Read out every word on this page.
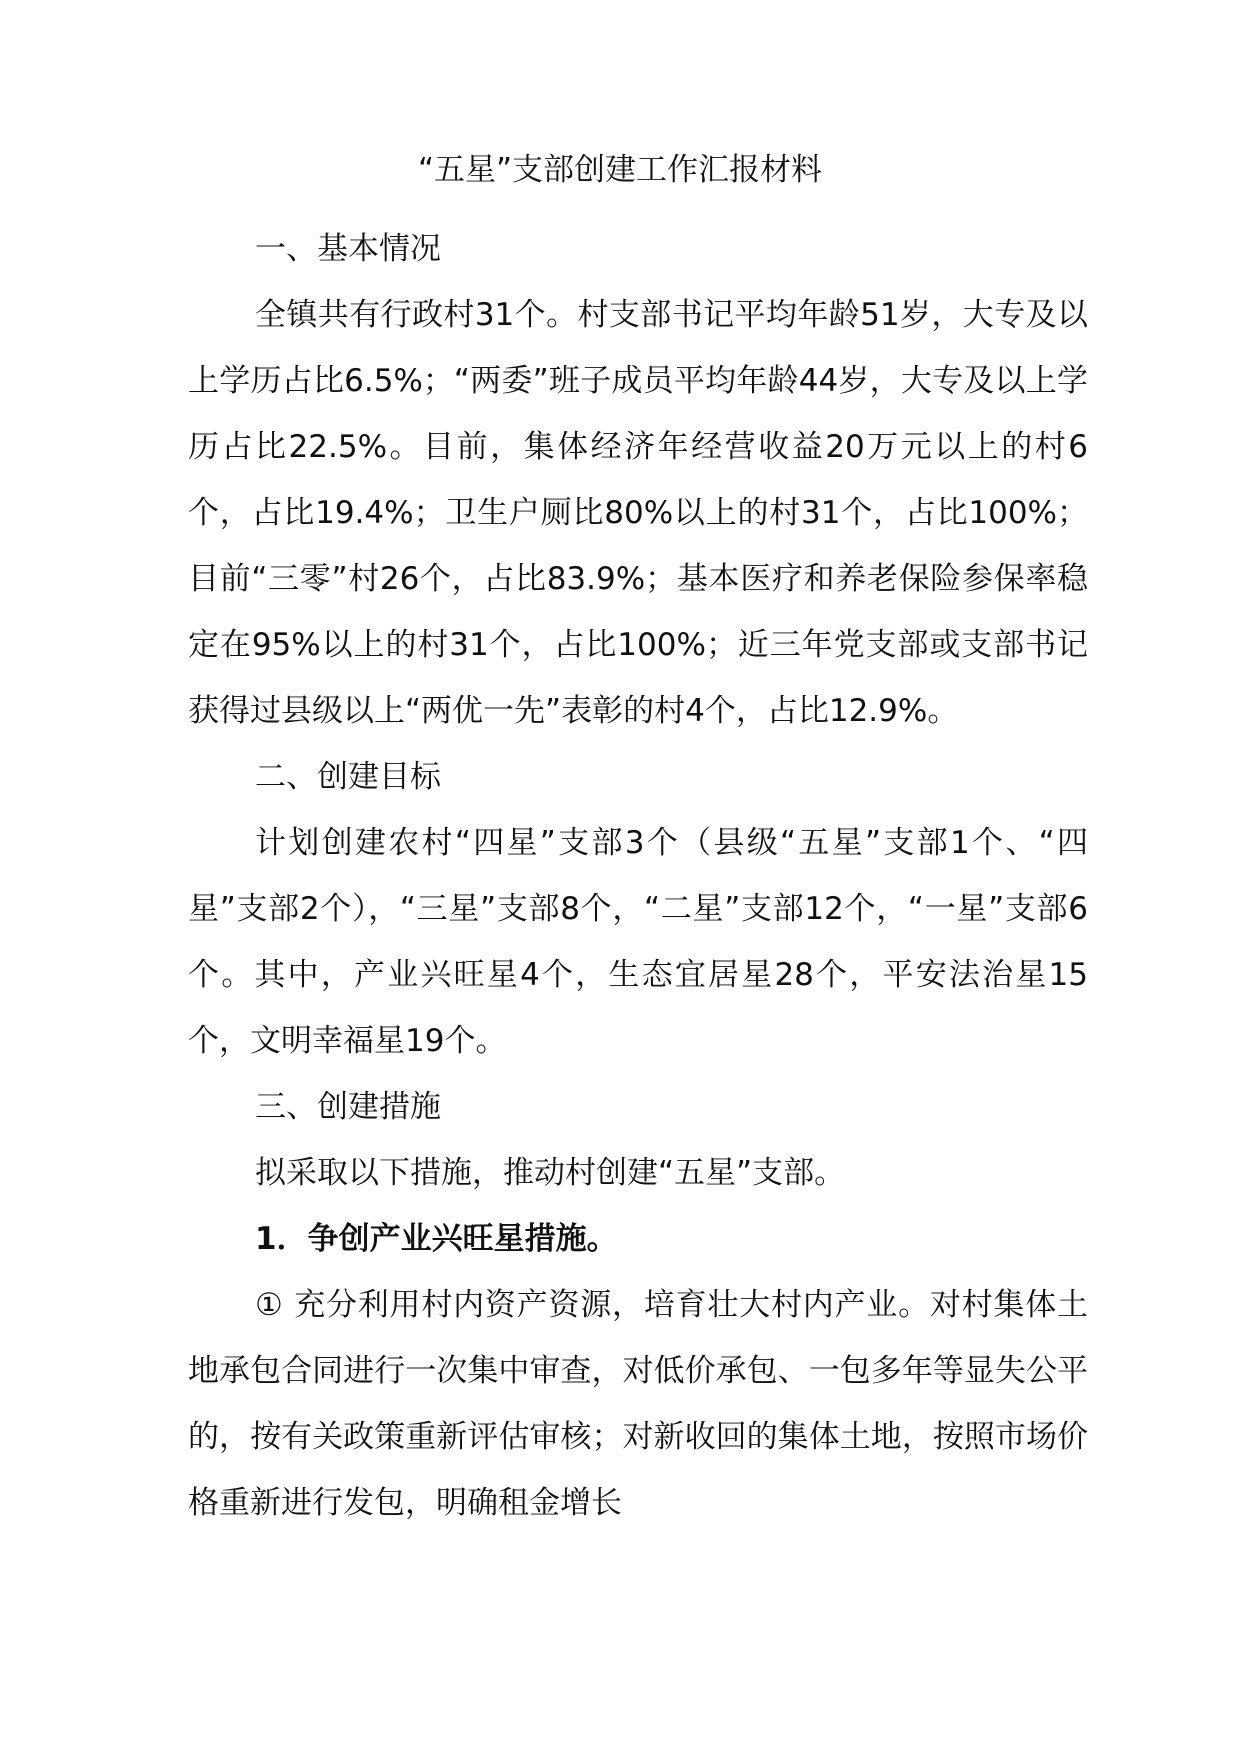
“五星”支部创建工作汇报材料

一、基本情况

全镇共有行政村31个。村支部书记平均年龄51岁，大专及以上学历占比6.5%；“两委”班子成员平均年龄44岁，大专及以上学历占比22.5%。目前，集体经济年经营收益20万元以上的村6个，占比19.4%；卫生户厕比80%以上的村31个，占比100%；目前“三零”村26个，占比83.9%；基本医疗和养老保险参保率稳定在95%以上的村31个，占比100%；近三年党支部或支部书记获得过县级以上“两优一先”表彰的村4个，占比12.9%。

二、创建目标

计划创建农村“四星”支部3个（县级“五星”支部1个、“四星”支部2个），“三星”支部8个，“二星”支部12个，“一星”支部6个。其中，产业兴旺星4个，生态宜居星28个，平安法治星15个，文明幸福星19个。

三、创建措施

拟采取以下措施，推动村创建“五星”支部。

1．争创产业兴旺星措施。

① 充分利用村内资产资源，培育壮大村内产业。对村集体土地承包合同进行一次集中审查，对低价承包、一包多年等显失公平的，按有关政策重新评估审核；对新收回的集体土地，按照市场价格重新进行发包，明确租金增长
